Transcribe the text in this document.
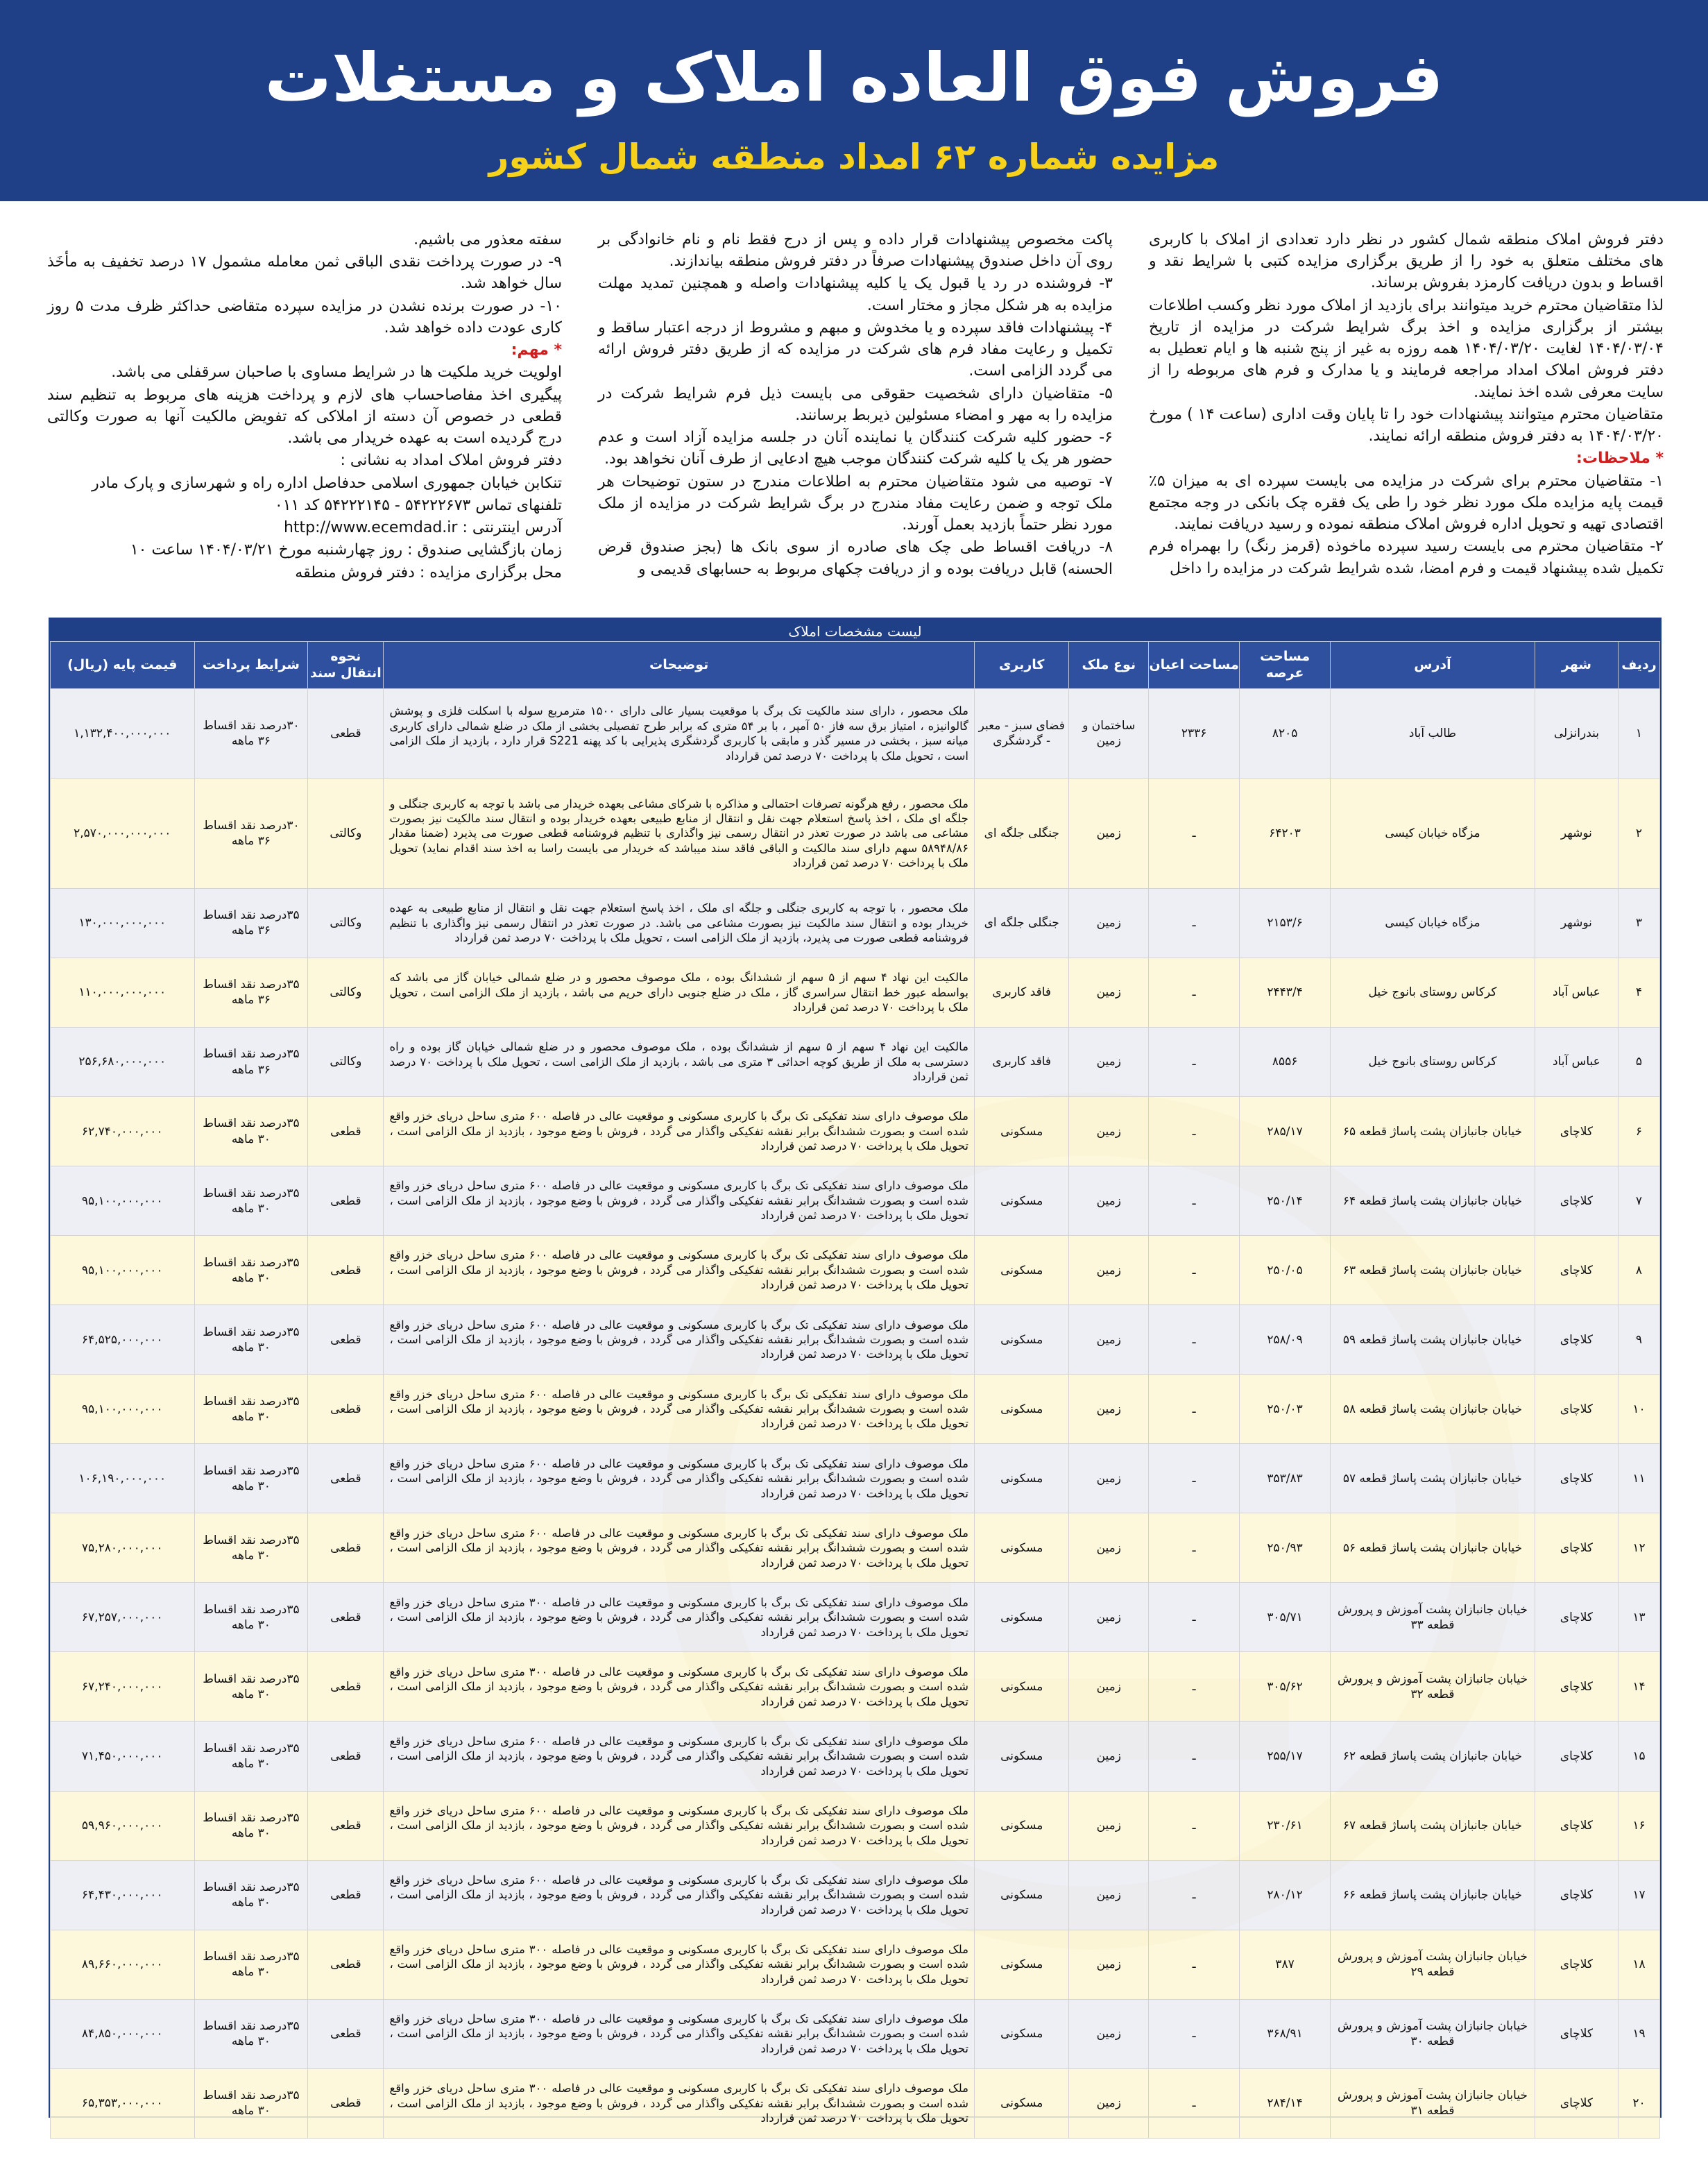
فروش فوق العاده املاک و مستغلات
مزایده شماره ۶۲ امداد منطقه شمال کشور

دفتر فروش املاک منطقه شمال کشور در نظر دارد تعدادی از املاک با کاربری های مختلف متعلق به خود را از طریق برگزاری مزایده کتبی با شرایط نقد و اقساط و بدون دریافت کارمزد بفروش برساند.

لذا متقاضیان محترم خرید میتوانند برای بازدید از املاک مورد نظر وکسب اطلاعات بیشتر از برگزاری مزایده و اخذ برگ شرایط شرکت در مزایده از تاریخ ۱۴۰۴/۰۳/۰۴ لغایت ۱۴۰۴/۰۳/۲۰ همه روزه به غیر از پنج شنبه ها و ایام تعطیل به دفتر فروش املاک امداد مراجعه فرمایند و یا مدارک و فرم های مربوطه را از سایت معرفی شده اخذ نمایند.

متقاضیان محترم میتوانند پیشنهادات خود را تا پایان وقت اداری (ساعت ۱۴ ) مورخ ۱۴۰۴/۰۳/۲۰ به دفتر فروش منطقه ارائه نمایند.

* ملاحظات:

۱- متقاضیان محترم برای شرکت در مزایده می بایست سپرده ای به میزان ۵٪ قیمت پایه مزایده ملک مورد نظر خود را طی یک فقره چک بانکی در وجه مجتمع اقتصادی تهیه و تحویل اداره فروش املاک منطقه نموده و رسید دریافت نمایند.

۲- متقاضیان محترم می بایست رسید سپرده ماخوذه (قرمز رنگ) را بهمراه فرم تکمیل شده پیشنهاد قیمت و فرم امضا، شده شرایط شرکت در مزایده را داخل

پاکت مخصوص پیشنهادات قرار داده و پس از درج فقط نام و نام خانوادگی بر روی آن داخل صندوق پیشنهادات صرفاً در دفتر فروش منطقه بیاندازند.

۳- فروشنده در رد یا قبول یک یا کلیه پیشنهادات واصله و همچنین تمدید مهلت مزایده به هر شکل مجاز و مختار است.

۴- پیشنهادات فاقد سپرده و یا مخدوش و مبهم و مشروط از درجه اعتبار ساقط و تکمیل و رعایت مفاد فرم های شرکت در مزایده که از طریق دفتر فروش ارائه می گردد الزامی است.

۵- متقاضیان دارای شخصیت حقوقی می بایست ذیل فرم شرایط شرکت در مزایده را به مهر و امضاء مسئولین ذیربط برسانند.

۶- حضور کلیه شرکت کنندگان یا نماینده آنان در جلسه مزایده آزاد است و عدم حضور هر یک یا کلیه شرکت کنندگان موجب هیچ ادعایی از طرف آنان نخواهد بود.

۷- توصیه می شود متقاضیان محترم به اطلاعات مندرج در ستون توضیحات هر ملک توجه و ضمن رعایت مفاد مندرج در برگ شرایط شرکت در مزایده از ملک مورد نظر حتماً بازدید بعمل آورند.

۸- دریافت اقساط طی چک های صادره از سوی بانک ها (بجز صندوق قرض الحسنه) قابل دریافت بوده و از دریافت چکهای مربوط به حسابهای قدیمی و

سفته معذور می باشیم.

۹- در صورت پرداخت نقدی الباقی ثمن معامله مشمول ۱۷ درصد تخفیف به مأخَذ سال خواهد شد.

۱۰- در صورت برنده نشدن در مزایده سپرده متقاضی حداکثر ظرف مدت ۵ روز کاری عودت داده خواهد شد.

* مهم:

اولویت خرید ملکیت ها در شرایط مساوی با صاحبان سرقفلی می باشد.

پیگیری اخذ مفاصاحساب های لازم و پرداخت هزینه های مربوط به تنظیم سند قطعی در خصوص آن دسته از املاکی که تفویض مالکیت آنها به صورت وکالتی درج گردیده است به عهده خریدار می باشد.

دفتر فروش املاک امداد به نشانی :

تنکابن خیابان جمهوری اسلامی حدفاصل اداره راه و شهرسازی و پارک مادر

تلفنهای تماس ۵۴۲۲۲۶۷۳ - ۵۴۲۲۲۱۴۵ کد ۰۱۱

آدرس اینترنتی : http://www.ecemdad.ir

زمان بازگشایی صندوق : روز چهارشنبه مورخ ۱۴۰۴/۰۳/۲۱ ساعت ۱۰

محل برگزاری مزایده : دفتر فروش منطقه

لیست مشخصات املاک
ردیف	شهر	آدرس	مساحت عرصه	مساحت اعیان	نوع ملک	کاربری	توضیحات	نحوه انتقال سند	شرایط پرداخت	قیمت پایه (ریال)
۱	بندرانزلی	طالب آباد	۸۲۰۵	۲۳۳۶	ساختمان و زمین	فضای سبز - معبر - گردشگری	ملک محصور ، دارای سند مالکیت تک برگ با موقعیت بسیار عالی دارای ۱۵۰۰ مترمربع سوله با اسکلت فلزی و پوشش گالوانیزه ، امتیاز برق سه فاز ۵۰ آمپر ، با بر ۵۴ متری که برابر طرح تفصیلی بخشی از ملک در ضلع شمالی دارای کاربری میانه سبز ، بخشی در مسیر گذر و مابقی با کاربری گردشگری پذیرایی با کد پهنه S221 قرار دارد ، بازدید از ملک الزامی است ، تحویل ملک با پرداخت ۷۰ درصد ثمن قرارداد	قطعی	۳۰درصد نقد اقساط ۳۶ ماهه	۱,۱۳۲,۴۰۰,۰۰۰,۰۰۰
۲	نوشهر	مزگاه خیابان کیسی	۶۴۲۰۳	ـ	زمین	جنگلی جلگه ای	ملک محصور ، رفع هرگونه تصرفات احتمالی و مذاکره با شرکای مشاعی بعهده خریدار می باشد با توجه به کاربری جنگلی و جلگه ای ملک ، اخذ پاسخ استعلام جهت نقل و انتقال از منابع طبیعی بعهده خریدار بوده و انتقال سند مالکیت نیز بصورت مشاعی می باشد در صورت تعذر در انتقال رسمی نیز واگذاری با تنظیم فروشنامه قطعی صورت می پذیرد (ضمنا مقدار ۵۸۹۴۸/۸۶ سهم دارای سند مالکیت و الباقی فاقد سند میباشد که خریدار می بایست راسا به اخذ سند اقدام نماید) تحویل ملک با پرداخت ۷۰ درصد ثمن قرارداد	وکالتی	۳۰درصد نقد اقساط ۳۶ ماهه	۲,۵۷۰,۰۰۰,۰۰۰,۰۰۰
۳	نوشهر	مزگاه خیابان کیسی	۲۱۵۳/۶	ـ	زمین	جنگلی جلگه ای	ملک محصور ، با توجه به کاربری جنگلی و جلگه ای ملک ، اخذ پاسخ استعلام جهت نقل و انتقال از منابع طبیعی به عهده خریدار بوده و انتقال سند مالکیت نیز بصورت مشاعی می باشد. در صورت تعذر در انتقال رسمی نیز واگذاری با تنظیم فروشنامه قطعی صورت می پذیرد، بازدید از ملک الزامی است ، تحویل ملک با پرداخت ۷۰ درصد ثمن قرارداد	وکالتی	۳۵درصد نقد اقساط ۳۶ ماهه	۱۳۰,۰۰۰,۰۰۰,۰۰۰
۴	عباس آباد	کرکاس روستای بانوج خیل	۲۴۴۳/۴	ـ	زمین	فاقد کاربری	مالکیت این نهاد ۴ سهم از ۵ سهم از ششدانگ بوده ، ملک موصوف محصور و در ضلع شمالی خیابان گاز می باشد که بواسطه عبور خط انتقال سراسری گاز ، ملک در ضلع جنوبی دارای حریم می باشد ، بازدید از ملک الزامی است ، تحویل ملک با پرداخت ۷۰ درصد ثمن قرارداد	وکالتی	۳۵درصد نقد اقساط ۳۶ ماهه	۱۱۰,۰۰۰,۰۰۰,۰۰۰
۵	عباس آباد	کرکاس روستای بانوج خیل	۸۵۵۶	ـ	زمین	فاقد کاربری	مالکیت این نهاد ۴ سهم از ۵ سهم از ششدانگ بوده ، ملک موصوف محصور و در ضلع شمالی خیابان گاز بوده و راه دسترسی به ملک از طریق کوچه احداثی ۳ متری می باشد ، بازدید از ملک الزامی است ، تحویل ملک با پرداخت ۷۰ درصد ثمن قرارداد	وکالتی	۳۵درصد نقد اقساط ۳۶ ماهه	۲۵۶,۶۸۰,۰۰۰,۰۰۰
۶	کلاچای	خیابان جانبازان پشت پاساژ قطعه ۶۵	۲۸۵/۱۷	ـ	زمین	مسکونی	ملک موصوف دارای سند تفکیکی تک برگ با کاربری مسکونی و موقعیت عالی در فاصله ۶۰۰ متری ساحل دریای خزر واقع شده است و بصورت ششدانگ برابر نقشه تفکیکی واگذار می گردد ، فروش با وضع موجود ، بازدید از ملک الزامی است ، تحویل ملک با پرداخت ۷۰ درصد ثمن قرارداد	قطعی	۳۵درصد نقد اقساط ۳۰ ماهه	۶۲,۷۴۰,۰۰۰,۰۰۰
۷	کلاچای	خیابان جانبازان پشت پاساژ قطعه ۶۴	۲۵۰/۱۴	ـ	زمین	مسکونی	ملک موصوف دارای سند تفکیکی تک برگ با کاربری مسکونی و موقعیت عالی در فاصله ۶۰۰ متری ساحل دریای خزر واقع شده است و بصورت ششدانگ برابر نقشه تفکیکی واگذار می گردد ، فروش با وضع موجود ، بازدید از ملک الزامی است ، تحویل ملک با پرداخت ۷۰ درصد ثمن قرارداد	قطعی	۳۵درصد نقد اقساط ۳۰ ماهه	۹۵,۱۰۰,۰۰۰,۰۰۰
۸	کلاچای	خیابان جانبازان پشت پاساژ قطعه ۶۳	۲۵۰/۰۵	ـ	زمین	مسکونی	ملک موصوف دارای سند تفکیکی تک برگ با کاربری مسکونی و موقعیت عالی در فاصله ۶۰۰ متری ساحل دریای خزر واقع شده است و بصورت ششدانگ برابر نقشه تفکیکی واگذار می گردد ، فروش با وضع موجود ، بازدید از ملک الزامی است ، تحویل ملک با پرداخت ۷۰ درصد ثمن قرارداد	قطعی	۳۵درصد نقد اقساط ۳۰ ماهه	۹۵,۱۰۰,۰۰۰,۰۰۰
۹	کلاچای	خیابان جانبازان پشت پاساژ قطعه ۵۹	۲۵۸/۰۹	ـ	زمین	مسکونی	ملک موصوف دارای سند تفکیکی تک برگ با کاربری مسکونی و موقعیت عالی در فاصله ۶۰۰ متری ساحل دریای خزر واقع شده است و بصورت ششدانگ برابر نقشه تفکیکی واگذار می گردد ، فروش با وضع موجود ، بازدید از ملک الزامی است ، تحویل ملک با پرداخت ۷۰ درصد ثمن قرارداد	قطعی	۳۵درصد نقد اقساط ۳۰ ماهه	۶۴,۵۲۵,۰۰۰,۰۰۰
۱۰	کلاچای	خیابان جانبازان پشت پاساژ قطعه ۵۸	۲۵۰/۰۳	ـ	زمین	مسکونی	ملک موصوف دارای سند تفکیکی تک برگ با کاربری مسکونی و موقعیت عالی در فاصله ۶۰۰ متری ساحل دریای خزر واقع شده است و بصورت ششدانگ برابر نقشه تفکیکی واگذار می گردد ، فروش با وضع موجود ، بازدید از ملک الزامی است ، تحویل ملک با پرداخت ۷۰ درصد ثمن قرارداد	قطعی	۳۵درصد نقد اقساط ۳۰ ماهه	۹۵,۱۰۰,۰۰۰,۰۰۰
۱۱	کلاچای	خیابان جانبازان پشت پاساژ قطعه ۵۷	۳۵۳/۸۳	ـ	زمین	مسکونی	ملک موصوف دارای سند تفکیکی تک برگ با کاربری مسکونی و موقعیت عالی در فاصله ۶۰۰ متری ساحل دریای خزر واقع شده است و بصورت ششدانگ برابر نقشه تفکیکی واگذار می گردد ، فروش با وضع موجود ، بازدید از ملک الزامی است ، تحویل ملک با پرداخت ۷۰ درصد ثمن قرارداد	قطعی	۳۵درصد نقد اقساط ۳۰ ماهه	۱۰۶,۱۹۰,۰۰۰,۰۰۰
۱۲	کلاچای	خیابان جانبازان پشت پاساژ قطعه ۵۶	۲۵۰/۹۳	ـ	زمین	مسکونی	ملک موصوف دارای سند تفکیکی تک برگ با کاربری مسکونی و موقعیت عالی در فاصله ۶۰۰ متری ساحل دریای خزر واقع شده است و بصورت ششدانگ برابر نقشه تفکیکی واگذار می گردد ، فروش با وضع موجود ، بازدید از ملک الزامی است ، تحویل ملک با پرداخت ۷۰ درصد ثمن قرارداد	قطعی	۳۵درصد نقد اقساط ۳۰ ماهه	۷۵,۲۸۰,۰۰۰,۰۰۰
۱۳	کلاچای	خیابان جانبازان پشت آموزش و پرورش قطعه ۳۳	۳۰۵/۷۱	ـ	زمین	مسکونی	ملک موصوف دارای سند تفکیکی تک برگ با کاربری مسکونی و موقعیت عالی در فاصله ۳۰۰ متری ساحل دریای خزر واقع شده است و بصورت ششدانگ برابر نقشه تفکیکی واگذار می گردد ، فروش با وضع موجود ، بازدید از ملک الزامی است ، تحویل ملک با پرداخت ۷۰ درصد ثمن قرارداد	قطعی	۳۵درصد نقد اقساط ۳۰ ماهه	۶۷,۲۵۷,۰۰۰,۰۰۰
۱۴	کلاچای	خیابان جانبازان پشت آموزش و پرورش قطعه ۳۲	۳۰۵/۶۲	ـ	زمین	مسکونی	ملک موصوف دارای سند تفکیکی تک برگ با کاربری مسکونی و موقعیت عالی در فاصله ۳۰۰ متری ساحل دریای خزر واقع شده است و بصورت ششدانگ برابر نقشه تفکیکی واگذار می گردد ، فروش با وضع موجود ، بازدید از ملک الزامی است ، تحویل ملک با پرداخت ۷۰ درصد ثمن قرارداد	قطعی	۳۵درصد نقد اقساط ۳۰ ماهه	۶۷,۲۴۰,۰۰۰,۰۰۰
۱۵	کلاچای	خیابان جانبازان پشت پاساژ قطعه ۶۲	۲۵۵/۱۷	ـ	زمین	مسکونی	ملک موصوف دارای سند تفکیکی تک برگ با کاربری مسکونی و موقعیت عالی در فاصله ۶۰۰ متری ساحل دریای خزر واقع شده است و بصورت ششدانگ برابر نقشه تفکیکی واگذار می گردد ، فروش با وضع موجود ، بازدید از ملک الزامی است ، تحویل ملک با پرداخت ۷۰ درصد ثمن قرارداد	قطعی	۳۵درصد نقد اقساط ۳۰ ماهه	۷۱,۴۵۰,۰۰۰,۰۰۰
۱۶	کلاچای	خیابان جانبازان پشت پاساژ قطعه ۶۷	۲۳۰/۶۱	ـ	زمین	مسکونی	ملک موصوف دارای سند تفکیکی تک برگ با کاربری مسکونی و موقعیت عالی در فاصله ۶۰۰ متری ساحل دریای خزر واقع شده است و بصورت ششدانگ برابر نقشه تفکیکی واگذار می گردد ، فروش با وضع موجود ، بازدید از ملک الزامی است ، تحویل ملک با پرداخت ۷۰ درصد ثمن قرارداد	قطعی	۳۵درصد نقد اقساط ۳۰ ماهه	۵۹,۹۶۰,۰۰۰,۰۰۰
۱۷	کلاچای	خیابان جانبازان پشت پاساژ قطعه ۶۶	۲۸۰/۱۲	ـ	زمین	مسکونی	ملک موصوف دارای سند تفکیکی تک برگ با کاربری مسکونی و موقعیت عالی در فاصله ۶۰۰ متری ساحل دریای خزر واقع شده است و بصورت ششدانگ برابر نقشه تفکیکی واگذار می گردد ، فروش با وضع موجود ، بازدید از ملک الزامی است ، تحویل ملک با پرداخت ۷۰ درصد ثمن قرارداد	قطعی	۳۵درصد نقد اقساط ۳۰ ماهه	۶۴,۴۳۰,۰۰۰,۰۰۰
۱۸	کلاچای	خیابان جانبازان پشت آموزش و پرورش قطعه ۲۹	۳۸۷	ـ	زمین	مسکونی	ملک موصوف دارای سند تفکیکی تک برگ با کاربری مسکونی و موقعیت عالی در فاصله ۳۰۰ متری ساحل دریای خزر واقع شده است و بصورت ششدانگ برابر نقشه تفکیکی واگذار می گردد ، فروش با وضع موجود ، بازدید از ملک الزامی است ، تحویل ملک با پرداخت ۷۰ درصد ثمن قرارداد	قطعی	۳۵درصد نقد اقساط ۳۰ ماهه	۸۹,۶۶۰,۰۰۰,۰۰۰
۱۹	کلاچای	خیابان جانبازان پشت آموزش و پرورش قطعه ۳۰	۳۶۸/۹۱	ـ	زمین	مسکونی	ملک موصوف دارای سند تفکیکی تک برگ با کاربری مسکونی و موقعیت عالی در فاصله ۳۰۰ متری ساحل دریای خزر واقع شده است و بصورت ششدانگ برابر نقشه تفکیکی واگذار می گردد ، فروش با وضع موجود ، بازدید از ملک الزامی است ، تحویل ملک با پرداخت ۷۰ درصد ثمن قرارداد	قطعی	۳۵درصد نقد اقساط ۳۰ ماهه	۸۴,۸۵۰,۰۰۰,۰۰۰
۲۰	کلاچای	خیابان جانبازان پشت آموزش و پرورش قطعه ۳۱	۲۸۴/۱۴	ـ	زمین	مسکونی	ملک موصوف دارای سند تفکیکی تک برگ با کاربری مسکونی و موقعیت عالی در فاصله ۳۰۰ متری ساحل دریای خزر واقع شده است و بصورت ششدانگ برابر نقشه تفکیکی واگذار می گردد ، فروش با وضع موجود ، بازدید از ملک الزامی است ، تحویل ملک با پرداخت ۷۰ درصد ثمن قرارداد	قطعی	۳۵درصد نقد اقساط ۳۰ ماهه	۶۵,۳۵۳,۰۰۰,۰۰۰
